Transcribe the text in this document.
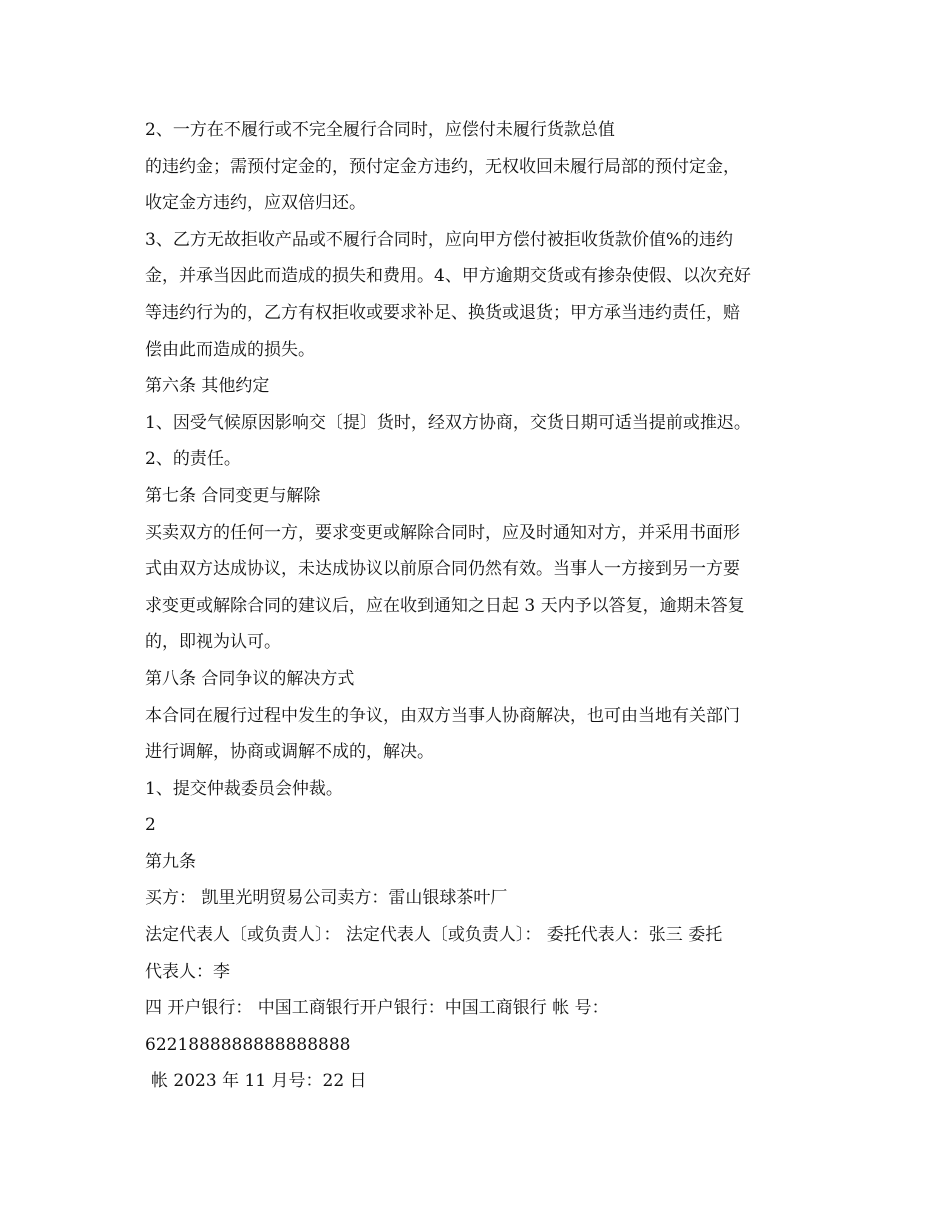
2、一方在不履行或不完全履行合同时，应偿付未履行货款总值
的违约金；需预付定金的，预付定金方违约，无权收回未履行局部的预付定金，
收定金方违约，应双倍归还。
3、乙方无故拒收产品或不履行合同时，应向甲方偿付被拒收货款价值%的违约
金，并承当因此而造成的损失和费用。4、甲方逾期交货或有掺杂使假、以次充好
等违约行为的，乙方有权拒收或要求补足、换货或退货；甲方承当违约责任，赔
偿由此而造成的损失。
第六条 其他约定
1、因受气候原因影响交〔提〕货时，经双方协商，交货日期可适当提前或推迟。
2、的责任。
第七条 合同变更与解除
买卖双方的任何一方，要求变更或解除合同时，应及时通知对方，并采用书面形
式由双方达成协议，未达成协议以前原合同仍然有效。当事人一方接到另一方要
求变更或解除合同的建议后，应在收到通知之日起 3 天内予以答复，逾期未答复
的，即视为认可。
第八条 合同争议的解决方式
本合同在履行过程中发生的争议，由双方当事人协商解决，也可由当地有关部门
进行调解，协商或调解不成的，解决。
1、提交仲裁委员会仲裁。
2
第九条
买方： 凯里光明贸易公司卖方：雷山银球茶叶厂
法定代表人〔或负责人〕： 法定代表人〔或负责人〕： 委托代表人：张三 委托
代表人：李
四 开户银行： 中国工商银行开户银行：中国工商银行 帐 号：
6221888888888888888
帐 2023 年 11 月号：22 日
